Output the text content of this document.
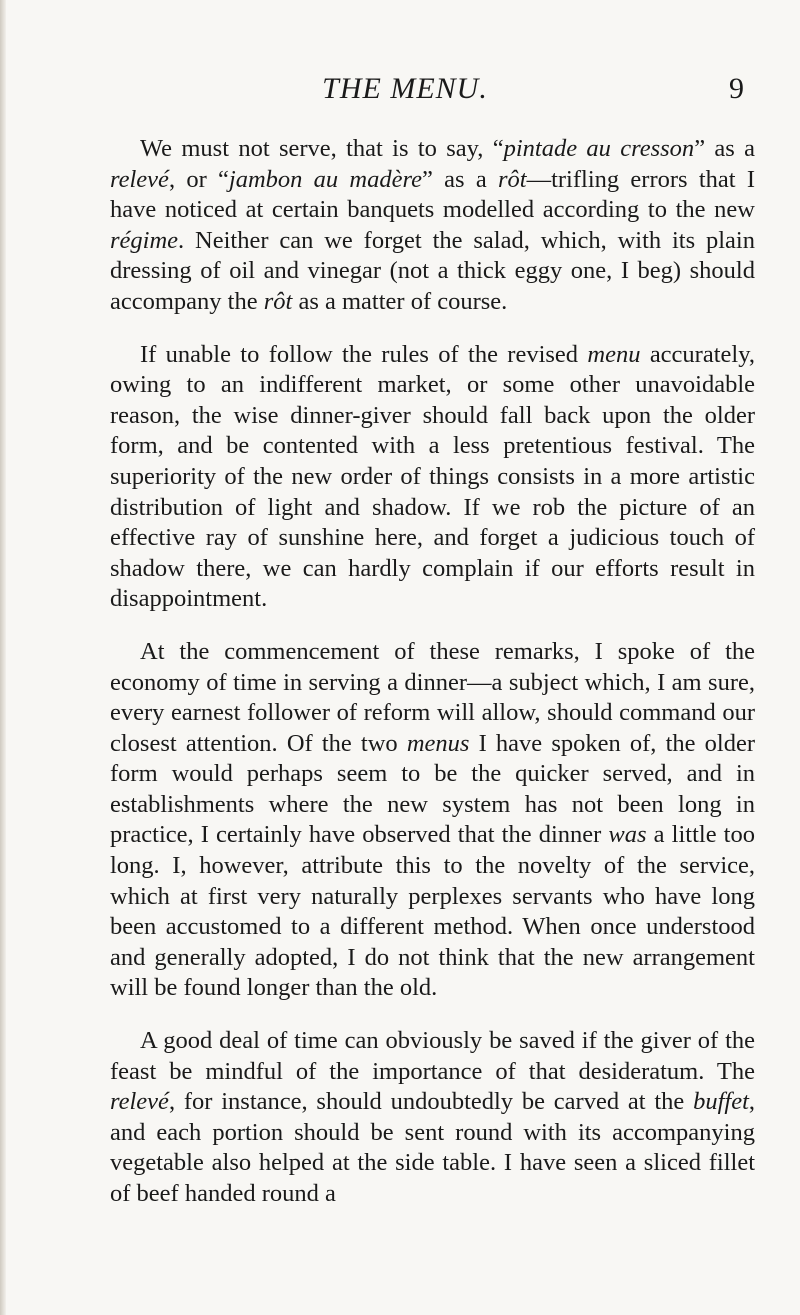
THE MENU.	9

We must not serve, that is to say, “pintade au cresson” as a relevé, or “jambon au madère” as a rôt—trifling errors that I have noticed at certain banquets modelled according to the new régime. Neither can we forget the salad, which, with its plain dressing of oil and vinegar (not a thick eggy one, I beg) should accompany the rôt as a matter of course.

If unable to follow the rules of the revised menu accurately, owing to an indifferent market, or some other unavoidable reason, the wise dinner-giver should fall back upon the older form, and be contented with a less pretentious festival. The superiority of the new order of things consists in a more artistic distribution of light and shadow. If we rob the picture of an effective ray of sunshine here, and forget a judicious touch of shadow there, we can hardly complain if our efforts result in disappointment.

At the commencement of these remarks, I spoke of the economy of time in serving a dinner—a subject which, I am sure, every earnest follower of reform will allow, should command our closest attention. Of the two menus I have spoken of, the older form would perhaps seem to be the quicker served, and in establishments where the new system has not been long in practice, I certainly have observed that the dinner was a little too long. I, however, attribute this to the novelty of the service, which at first very naturally perplexes servants who have long been accustomed to a different method. When once understood and generally adopted, I do not think that the new arrangement will be found longer than the old.

A good deal of time can obviously be saved if the giver of the feast be mindful of the importance of that desideratum. The relevé, for instance, should undoubtedly be carved at the buffet, and each portion should be sent round with its accompanying vegetable also helped at the side table. I have seen a sliced fillet of beef handed round a
